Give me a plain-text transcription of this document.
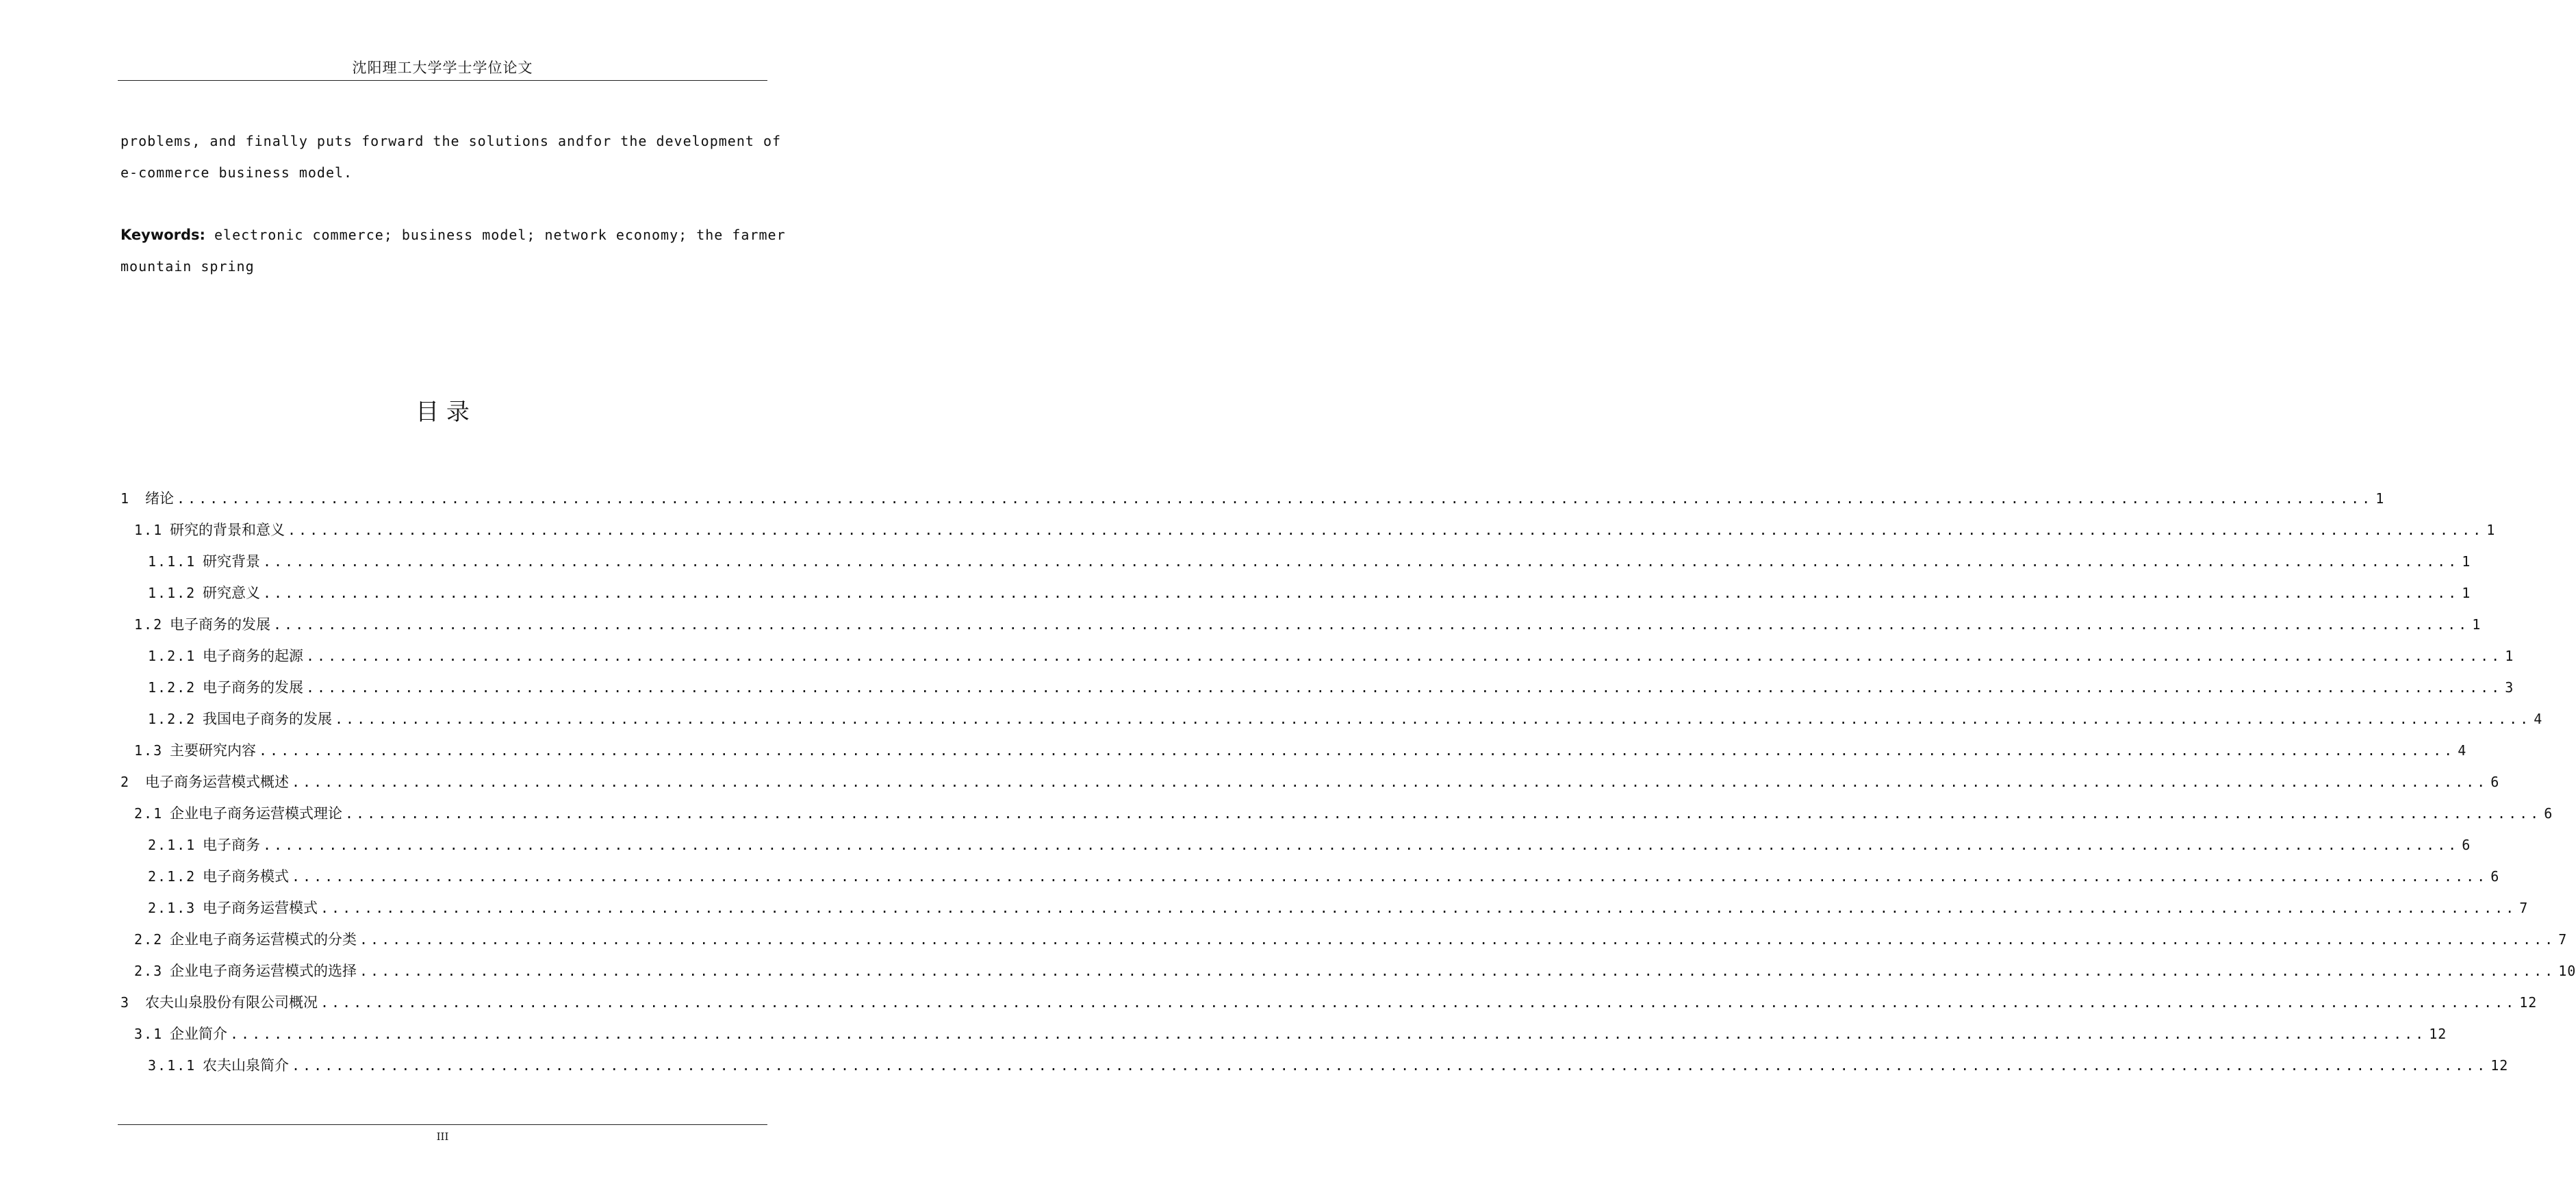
沈阳理工大学学士学位论文
problems, and finally puts forward the solutions andfor the development of
e-commerce business model.
Keywords: electronic commerce; business model; network economy; the farmer
mountain spring
目 录
1	绪论 ........................................................................................................................................................................................................ 1
1.1 研究的背景和意义 ........................................................................................................................................................................................................ 1
1.1.1 研究背景 ........................................................................................................................................................................................................ 1
1.1.2 研究意义 ........................................................................................................................................................................................................ 1
1.2 电子商务的发展 ........................................................................................................................................................................................................ 1
1.2.1 电子商务的起源 ........................................................................................................................................................................................................ 1
1.2.2 电子商务的发展 ........................................................................................................................................................................................................ 3
1.2.2 我国电子商务的发展 ........................................................................................................................................................................................................ 4
1.3 主要研究内容 ........................................................................................................................................................................................................ 4
2	电子商务运营模式概述 ........................................................................................................................................................................................................ 6
2.1 企业电子商务运营模式理论 ........................................................................................................................................................................................................ 6
2.1.1 电子商务 ........................................................................................................................................................................................................ 6
2.1.2 电子商务模式 ........................................................................................................................................................................................................ 6
2.1.3 电子商务运营模式 ........................................................................................................................................................................................................ 7
2.2 企业电子商务运营模式的分类 ........................................................................................................................................................................................................ 7
2.3 企业电子商务运营模式的选择 ........................................................................................................................................................................................................ 10
3	农夫山泉股份有限公司概况 ........................................................................................................................................................................................................ 12
3.1 企业简介 ........................................................................................................................................................................................................ 12
3.1.1 农夫山泉简介 ........................................................................................................................................................................................................ 12
III
